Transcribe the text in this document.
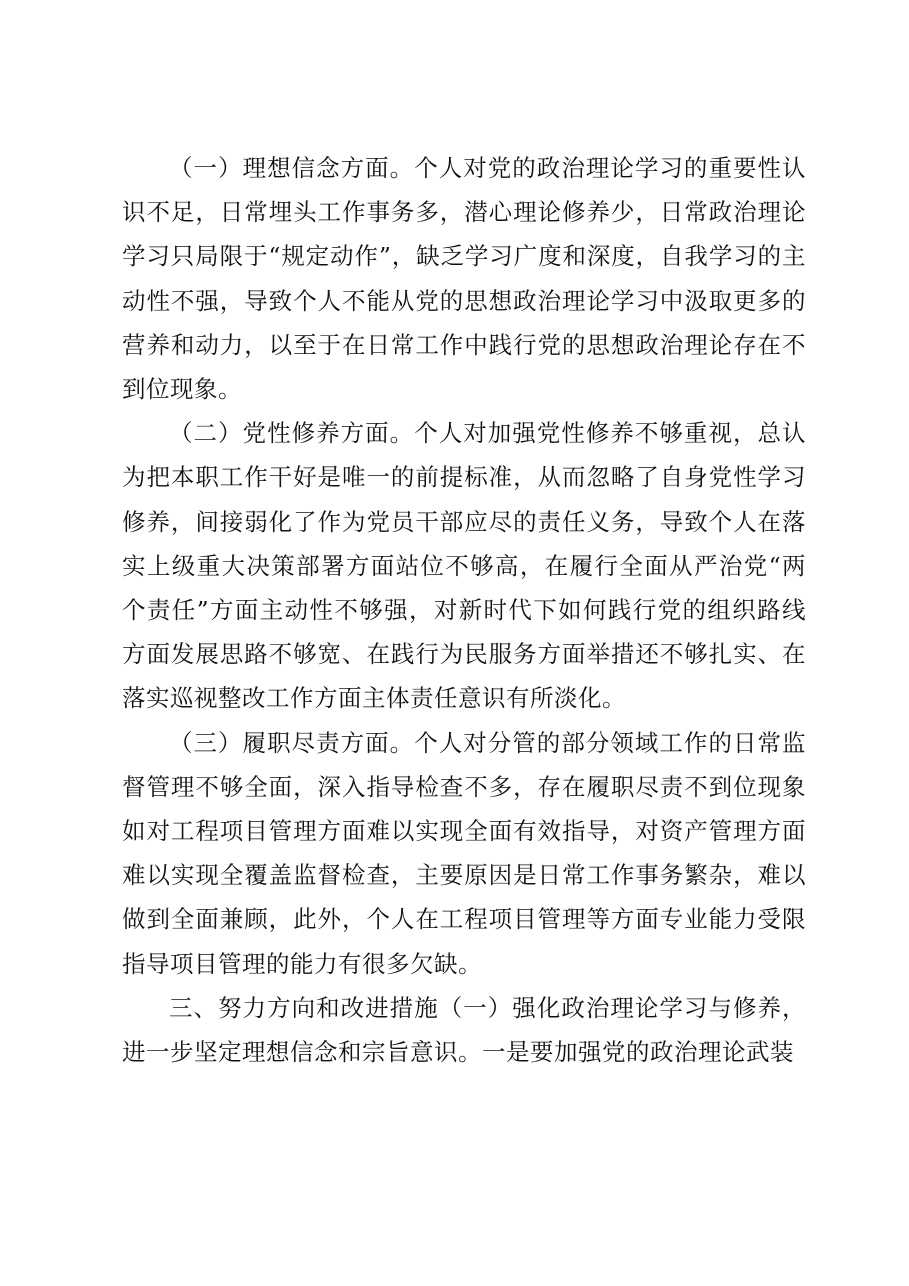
（一）理想信念方面。个人对党的政治理论学习的重要性认识不足，日常埋头工作事务多，潜心理论修养少，日常政治理论学习只局限于“规定动作”，缺乏学习广度和深度，自我学习的主动性不强，导致个人不能从党的思想政治理论学习中汲取更多的营养和动力，以至于在日常工作中践行党的思想政治理论存在不到位现象。

（二）党性修养方面。个人对加强党性修养不够重视，总认为把本职工作干好是唯一的前提标准，从而忽略了自身党性学习修养，间接弱化了作为党员干部应尽的责任义务，导致个人在落实上级重大决策部署方面站位不够高，在履行全面从严治党“两个责任”方面主动性不够强，对新时代下如何践行党的组织路线方面发展思路不够宽、在践行为民服务方面举措还不够扎实、在落实巡视整改工作方面主体责任意识有所淡化。

（三）履职尽责方面。个人对分管的部分领域工作的日常监督管理不够全面，深入指导检查不多，存在履职尽责不到位现象如对工程项目管理方面难以实现全面有效指导，对资产管理方面难以实现全覆盖监督检查，主要原因是日常工作事务繁杂，难以做到全面兼顾，此外，个人在工程项目管理等方面专业能力受限指导项目管理的能力有很多欠缺。

三、努力方向和改进措施（一）强化政治理论学习与修养，进一步坚定理想信念和宗旨意识。一是要加强党的政治理论武装
